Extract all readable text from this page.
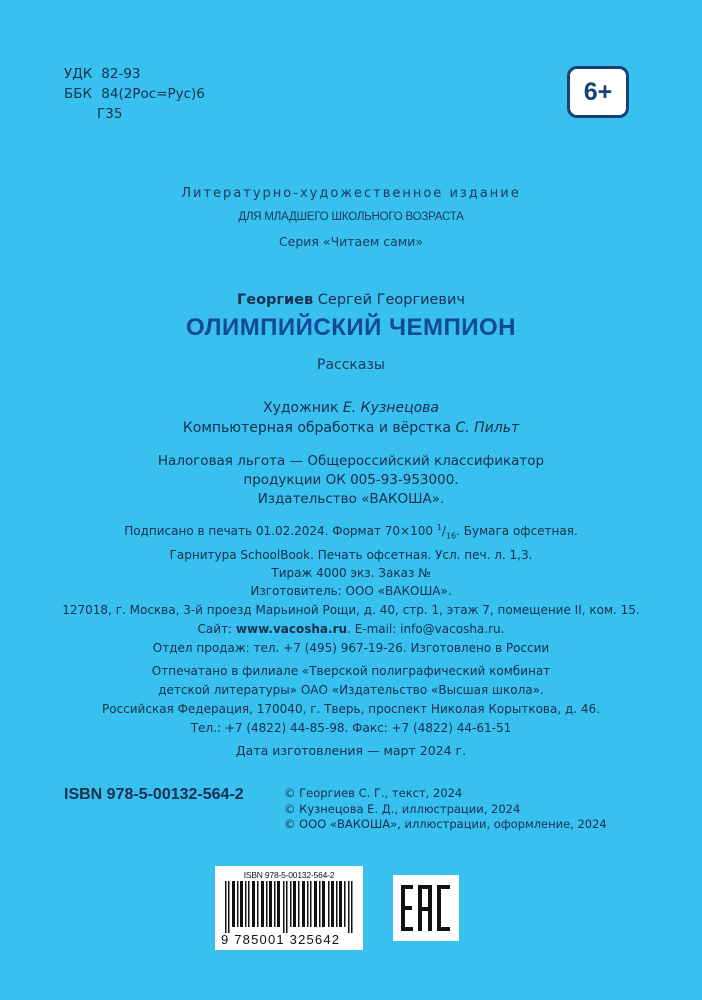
УДК 82-93
ББК 84(2Рос=Рус)6
Г35
6+
Литературно-художественное издание
ДЛЯ МЛАДШЕГО ШКОЛЬНОГО ВОЗРАСТА
Серия «Читаем сами»
Георгиев Сергей Георгиевич
ОЛИМПИЙСКИЙ ЧЕМПИОН
Рассказы
Художник Е. Кузнецова
Компьютерная обработка и вёрстка С. Пильт
Налоговая льгота — Общероссийский классификатор
продукции ОК 005-93-953000.
Издательство «ВАКОША».
Подписано в печать 01.02.2024. Формат 70×100 $^1/_{16}$. Бумага офсетная.
Гарнитура SchoolBook. Печать офсетная. Усл. печ. л. 1,3.
Тираж 4000 экз. Заказ №
Изготовитель: ООО «ВАКОША».
127018, г. Москва, 3-й проезд Марьиной Рощи, д. 40, стр. 1, этаж 7, помещение II, ком. 15.
Сайт: www.vacosha.ru. E-mail: info@vacosha.ru.
Отдел продаж: тел. +7 (495) 967-19-26. Изготовлено в России
Отпечатано в филиале «Тверской полиграфический комбинат
детской литературы» ОАО «Издательство «Высшая школа».
Российская Федерация, 170040, г. Тверь, проспект Николая Корыткова, д. 46.
Тел.: +7 (4822) 44-85-98. Факс: +7 (4822) 44-61-51
Дата изготовления — март 2024 г.
ISBN 978-5-00132-564-2	© Георгиев С. Г., текст, 2024
© Кузнецова Е. Д., иллюстрации, 2024
© ООО «ВАКОША», иллюстрации, оформление, 2024
ISBN 978-5-00132-564-2
9 785001 325642
